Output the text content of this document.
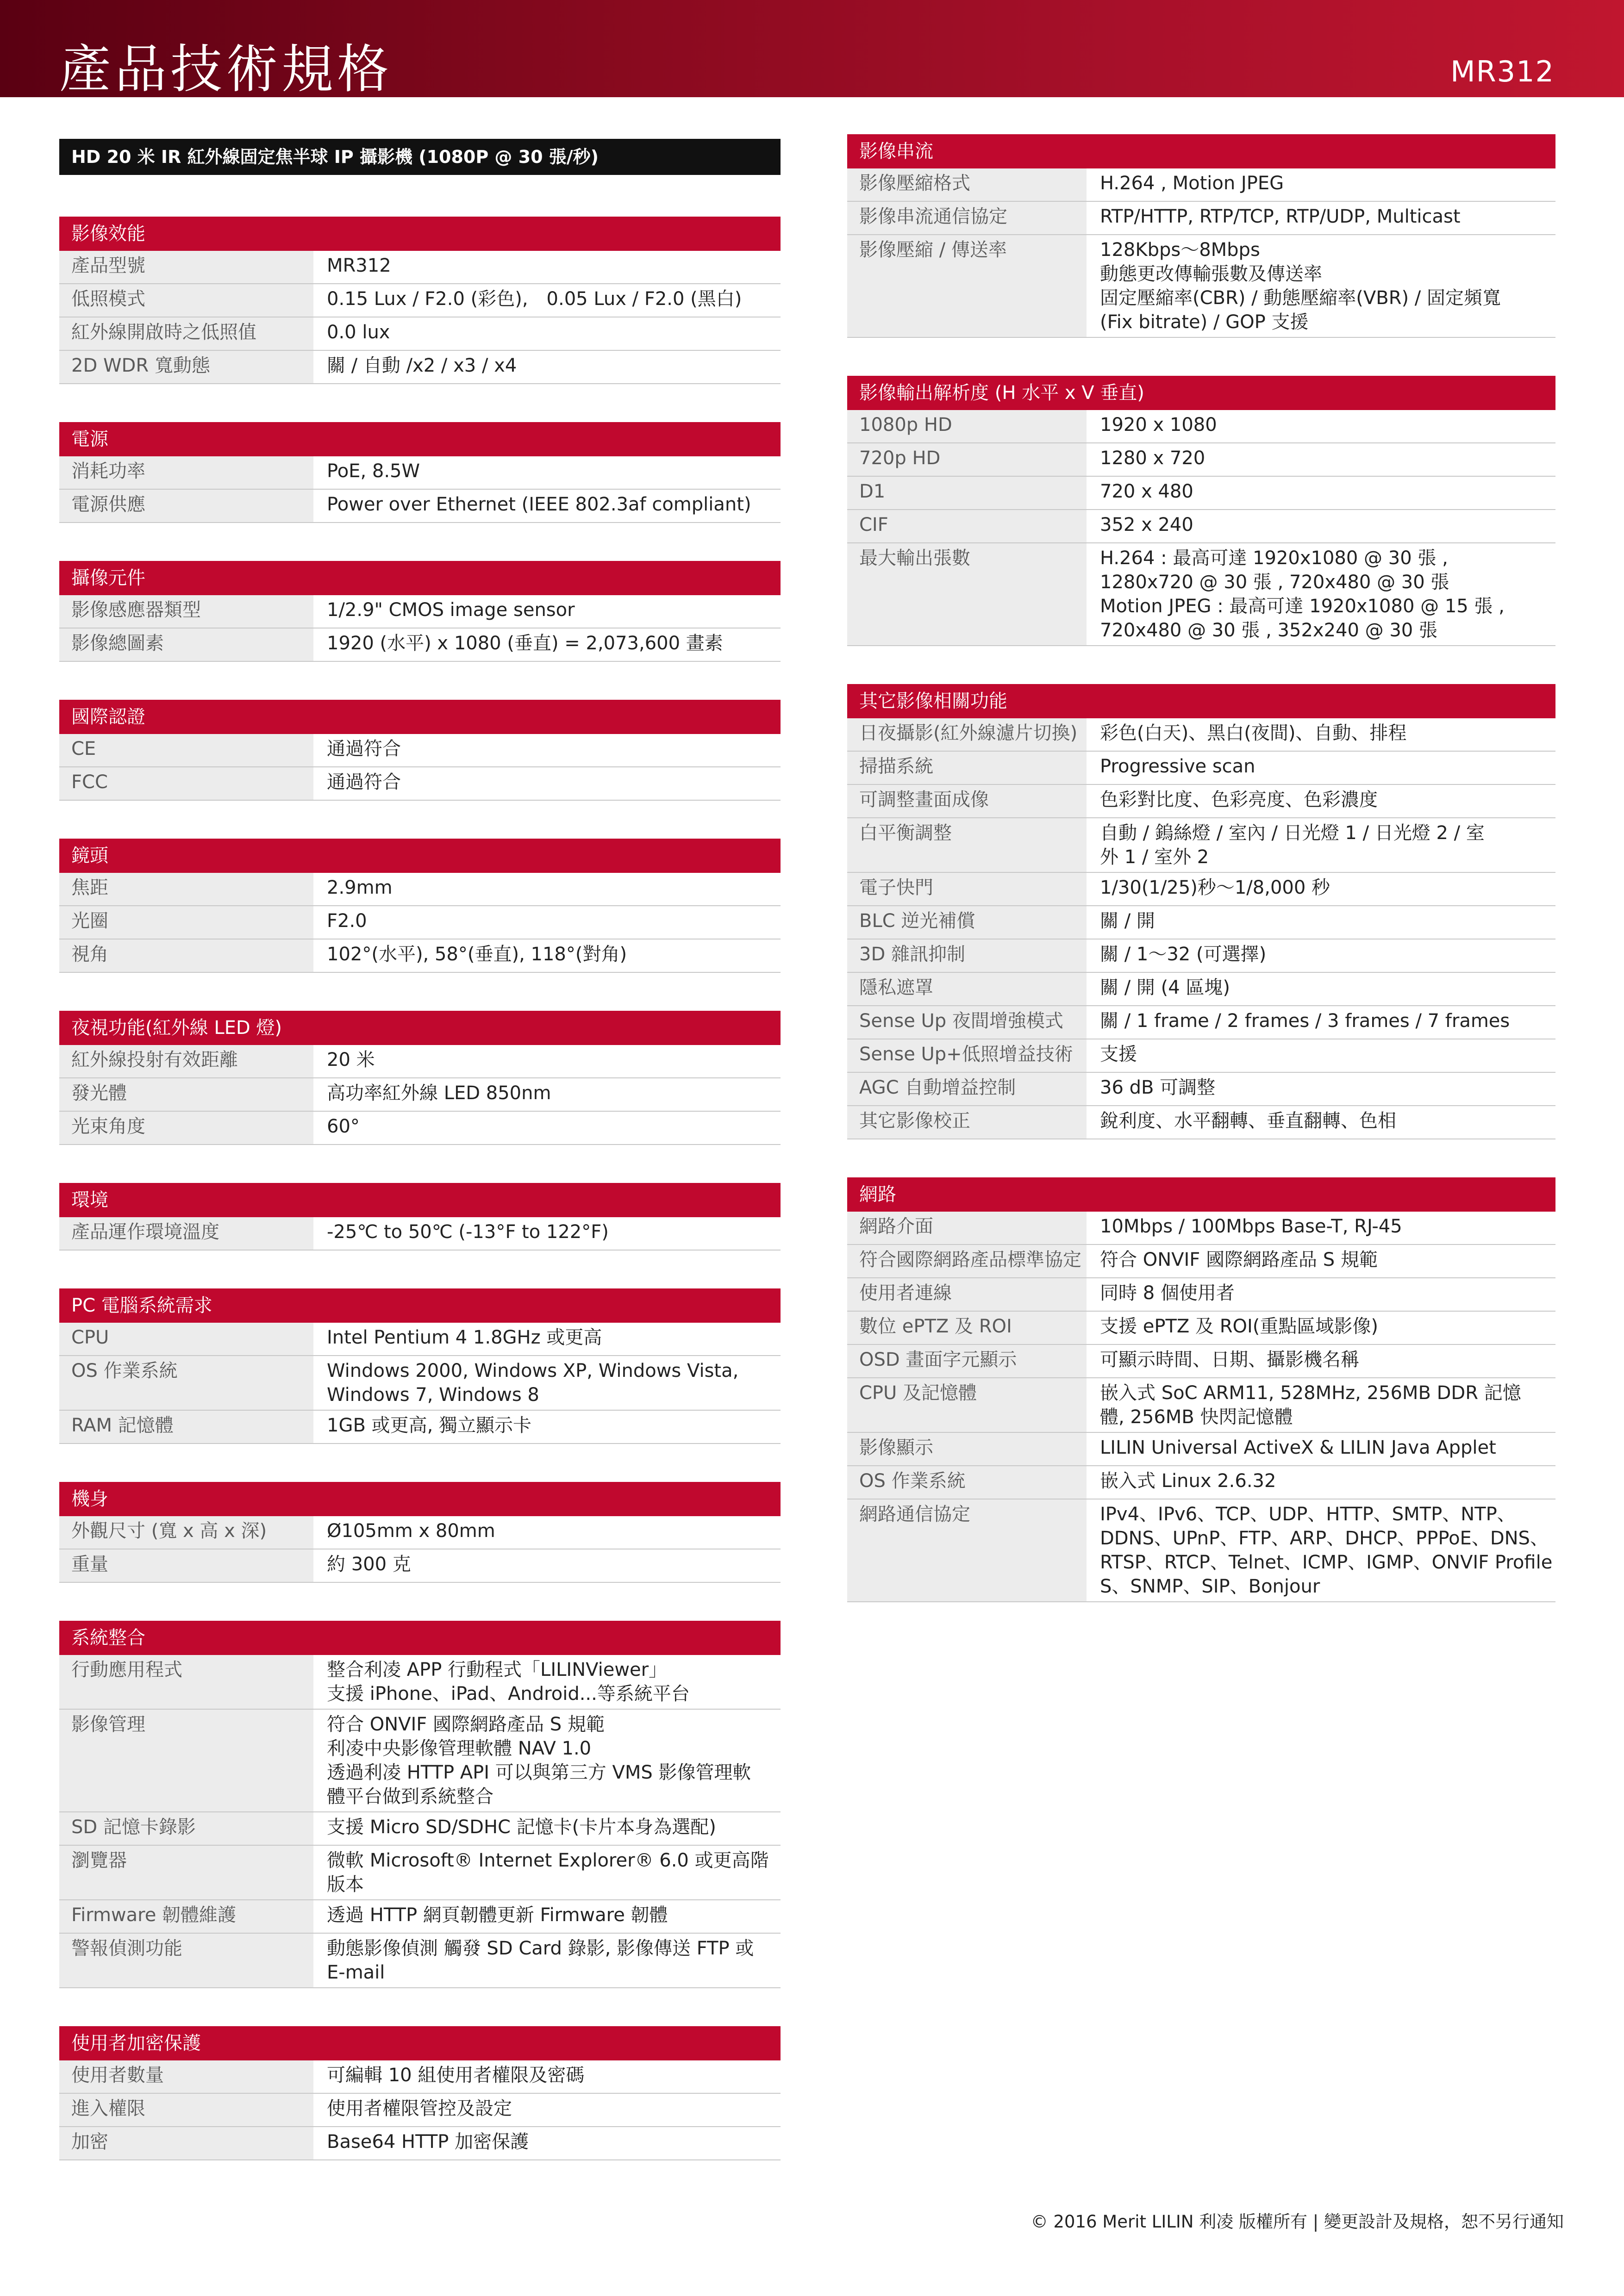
產品技術規格	MR312
HD 20 米 IR 紅外線固定焦半球 IP 攝影機 (1080P @ 30 張/秒)
影像效能
產品型號	MR312
低照模式	0.15 Lux / F2.0 (彩色),　0.05 Lux / F2.0 (黑白)
紅外線開啟時之低照值	0.0 lux
2D WDR 寬動態	關 / 自動 /x2 / x3 / x4
電源
消耗功率	PoE, 8.5W
電源供應	Power over Ethernet (IEEE 802.3af compliant)
攝像元件
影像感應器類型	1/2.9" CMOS image sensor
影像總圖素	1920 (水平) x 1080 (垂直) = 2,073,600 畫素
國際認證
CE	通過符合
FCC	通過符合
鏡頭
焦距	2.9mm
光圈	F2.0
視角	102°(水平), 58°(垂直), 118°(對角)
夜視功能(紅外線 LED 燈)
紅外線投射有效距離	20 米
發光體	高功率紅外線 LED 850nm
光束角度	60°
環境
產品運作環境溫度	-25℃ to 50℃ (-13°F to 122°F)
PC 電腦系統需求
CPU	Intel Pentium 4 1.8GHz 或更高
OS 作業系統	Windows 2000, Windows XP, Windows Vista,
Windows 7, Windows 8
RAM 記憶體	1GB 或更高, 獨立顯示卡
機身
外觀尺寸 (寬 x 高 x 深)	Ø105mm x 80mm
重量	約 300 克
系統整合
行動應用程式	整合利凌 APP 行動程式「LILINViewer」
支援 iPhone、iPad、Android...等系統平台
影像管理	符合 ONVIF 國際網路產品 S 規範
利凌中央影像管理軟體 NAV 1.0
透過利凌 HTTP API 可以與第三方 VMS 影像管理軟
體平台做到系統整合
SD 記憶卡錄影	支援 Micro SD/SDHC 記憶卡(卡片本身為選配)
瀏覽器	微軟 Microsoft® Internet Explorer® 6.0 或更高階
版本
Firmware 韌體維護	透過 HTTP 網頁韌體更新 Firmware 韌體
警報偵測功能	動態影像偵測 觸發 SD Card 錄影, 影像傳送 FTP 或
E-mail
使用者加密保護
使用者數量	可編輯 10 組使用者權限及密碼
進入權限	使用者權限管控及設定
加密	Base64 HTTP 加密保護
影像串流
影像壓縮格式	H.264 , Motion JPEG
影像串流通信協定	RTP/HTTP, RTP/TCP, RTP/UDP, Multicast
影像壓縮 / 傳送率	128Kbps～8Mbps
動態更改傳輸張數及傳送率
固定壓縮率(CBR) / 動態壓縮率(VBR) / 固定頻寬
(Fix bitrate) / GOP 支援
影像輸出解析度 (H 水平 x V 垂直)
1080p HD	1920 x 1080
720p HD	1280 x 720
D1	720 x 480
CIF	352 x 240
最大輸出張數	H.264 : 最高可達 1920x1080 @ 30 張 ,
1280x720 @ 30 張 , 720x480 @ 30 張
Motion JPEG : 最高可達 1920x1080 @ 15 張 ,
720x480 @ 30 張 , 352x240 @ 30 張
其它影像相關功能
日夜攝影(紅外線濾片切換)	彩色(白天)、黑白(夜間)、自動、排程
掃描系統	Progressive scan
可調整畫面成像	色彩對比度、色彩亮度、色彩濃度
白平衡調整	自動 / 鎢絲燈 / 室內 / 日光燈 1 / 日光燈 2 / 室
外 1 / 室外 2
電子快門	1/30(1/25)秒～1/8,000 秒
BLC 逆光補償	關 / 開
3D 雜訊抑制	關 / 1～32 (可選擇)
隱私遮罩	關 / 開 (4 區塊)
Sense Up 夜間增強模式	關 / 1 frame / 2 frames / 3 frames / 7 frames
Sense Up+低照增益技術	支援
AGC 自動增益控制	36 dB 可調整
其它影像校正	銳利度、水平翻轉、垂直翻轉、色相
網路
網路介面	10Mbps / 100Mbps Base-T, RJ-45
符合國際網路產品標準協定	符合 ONVIF 國際網路產品 S 規範
使用者連線	同時 8 個使用者
數位 ePTZ 及 ROI	支援 ePTZ 及 ROI(重點區域影像)
OSD 畫面字元顯示	可顯示時間、日期、攝影機名稱
CPU 及記憶體	嵌入式 SoC ARM11, 528MHz, 256MB DDR 記憶
體, 256MB 快閃記憶體
影像顯示	LILIN Universal ActiveX & LILIN Java Applet
OS 作業系統	嵌入式 Linux 2.6.32
網路通信協定	IPv4、IPv6、TCP、UDP、HTTP、SMTP、NTP、
DDNS、UPnP、FTP、ARP、DHCP、PPPoE、DNS、
RTSP、RTCP、Telnet、ICMP、IGMP、ONVIF Profile
S、SNMP、SIP、Bonjour
© 2016 Merit LILIN 利凌 版權所有 | 變更設計及規格，恕不另行通知
